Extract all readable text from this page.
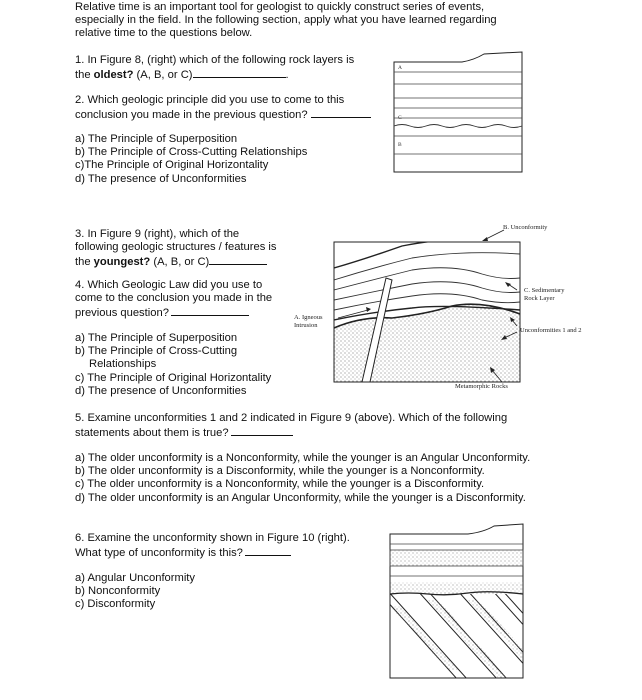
Relative time is an important tool for geologist to quickly construct series of events,
especially in the field. In the following section, apply what you have learned regarding
relative time to the questions below.
1. In Figure 8, (right) which of the following rock layers is
the oldest? (A, B, or C)	.
2. Which geologic principle did you use to come to this
conclusion you made in the previous question?
a) The Principle of Superposition
b) The Principle of Cross-Cutting Relationships
c)The Principle of Original Horizontality
d) The presence of Unconformities
A
C
B
3. In Figure 9 (right), which of the
following geologic structures / features is
the youngest? (A, B, or C)
4. Which Geologic Law did you use to
come to the conclusion you made in the
previous question?
a) The Principle of Superposition
b) The Principle of Cross-Cutting
Relationships
c) The Principle of Original Horizontality
d) The presence of Unconformities
B. Unconformity
C. Sedimentary
Rock Layer
Unconformities 1 and 2
A. Igneous
Intrusion
Metamorphic Rocks
5. Examine unconformities 1 and 2 indicated in Figure 9 (above). Which of the following
statements about them is true?
a) The older unconformity is a Nonconformity, while the younger is an Angular Unconformity.
b) The older unconformity is a Disconformity, while the younger is a Nonconformity.
c) The older unconformity is a Nonconformity, while the younger is a Disconformity.
d) The older unconformity is an Angular Unconformity, while the younger is a Disconformity.
6. Examine the unconformity shown in Figure 10 (right).
What type of unconformity is this?
a) Angular Unconformity
b) Nonconformity
c) Disconformity
